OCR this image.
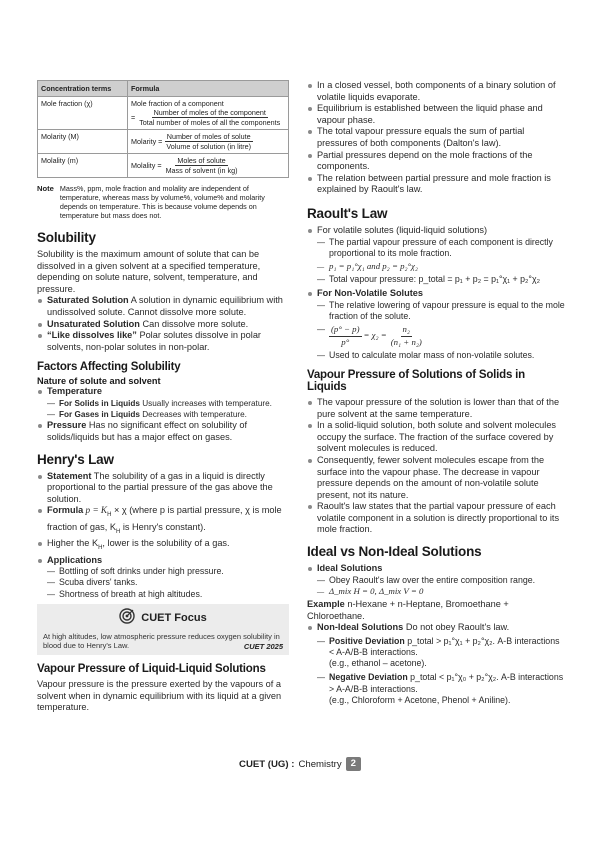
Concentration terms	Formula
Mole fraction (χ)	Mole fraction of a component
= $\frac{\text{Number of moles of the component}}{\text{Total number of moles of all the components}}$

Molarity (M)	Molarity = $\frac{\text{Number of moles of solute}}{\text{Volume of solution (in litre)}}$

Molality (m)	Molality = $\frac{\text{Moles of solute}}{\text{Mass of solvent (in kg)}}$
Note Mass%, ppm, mole fraction and molality are independent of temperature, whereas mass by volume%, volume% and molarity depends on temperature. This is because volume depends on temperature but mass does not.
Solubility

Solubility is the maximum amount of solute that can be dissolved in a given solvent at a specified temperature, depending on solute nature, solvent, temperature, and pressure.

Saturated Solution A solution in dynamic equilibrium with undissolved solute. Cannot dissolve more solute.
Unsaturated Solution Can dissolve more solute.
“Like dissolves like” Polar solutes dissolve in polar solvents, non-polar solutes in non-polar.
Factors Affecting Solubility
Nature of solute and solvent
Temperature
— For Solids in Liquids Usually increases with temperature.
— For Gases in Liquids Decreases with temperature.
Pressure Has no significant effect on solubility of solids/liquids but has a major effect on gases.
Henry's Law
Statement The solubility of a gas in a liquid is directly proportional to the partial pressure of the gas above the solution.
Formula $p = K_H \times \chi$ (where p is partial pressure, χ is mole fraction of gas, $K_H$ is Henry's constant).
Higher the $K_H$, lower is the solubility of a gas.
Applications
— Bottling of soft drinks under high pressure.
— Scuba divers' tanks.
— Shortness of breath at high altitudes.
CUET Focus
At high altitudes, low atmospheric pressure reduces oxygen solubility in blood due to Henry's Law.	CUET 2025
Vapour Pressure of Liquid-Liquid Solutions

Vapour pressure is the pressure exerted by the vapours of a solvent when in dynamic equilibrium with its liquid at a given temperature.

In a closed vessel, both components of a binary solution of volatile liquids evaporate.
Equilibrium is established between the liquid phase and vapour phase.
The total vapour pressure equals the sum of partial pressures of both components (Dalton's law).
Partial pressures depend on the mole fractions of the components.
The relation between partial pressure and mole fraction is explained by Raoult's law.
Raoult's Law
For volatile solutes (liquid-liquid solutions)
— The partial vapour pressure of each component is directly proportional to its mole fraction.
— p₁ = p₁°χ₁ and p₂ = p₂°χ₂
— Total vapour pressure: p_total = p₁ + p₂ = p₁°χ₁ + p₂°χ₂
For Non-Volatile Solutes
— The relative lowering of vapour pressure is equal to the mole fraction of the solute.
— $\frac{(p^\circ - p)}{p^\circ} = \chi_2 = \frac{\text{n₂}}{\text{(n₁ + n₂)}}$
— Used to calculate molar mass of non-volatile solutes.
Vapour Pressure of Solutions of Solids in Liquids
The vapour pressure of the solution is lower than that of the pure solvent at the same temperature.
In a solid-liquid solution, both solute and solvent molecules occupy the surface. The fraction of the surface covered by solvent molecules is reduced.
Consequently, fewer solvent molecules escape from the surface into the vapour phase. The decrease in vapour pressure depends on the amount of non-volatile solute present, not its nature.
Raoult's law states that the partial vapour pressure of each volatile component in a solution is directly proportional to its mole fraction.
Ideal vs Non-Ideal Solutions
Ideal Solutions
— Obey Raoult's law over the entire composition range.
— Δ_mix H = 0, Δ_mix V = 0

Example n-Hexane + n-Heptane, Bromoethane + Chloroethane.

Non-Ideal Solutions Do not obey Raoult's law.
— Positive Deviation p_total > p₁°χ₁ + p₂°χ₂. A-B interactions < A-A/B-B interactions.
(e.g., ethanol – acetone).
— Negative Deviation p_total < p₁°χ₀ + p₂°χ₂. A-B interactions > A-A/B-B interactions.
(e.g., Chloroform + Acetone, Phenol + Aniline).
CUET (UG) : Chemistry 2
